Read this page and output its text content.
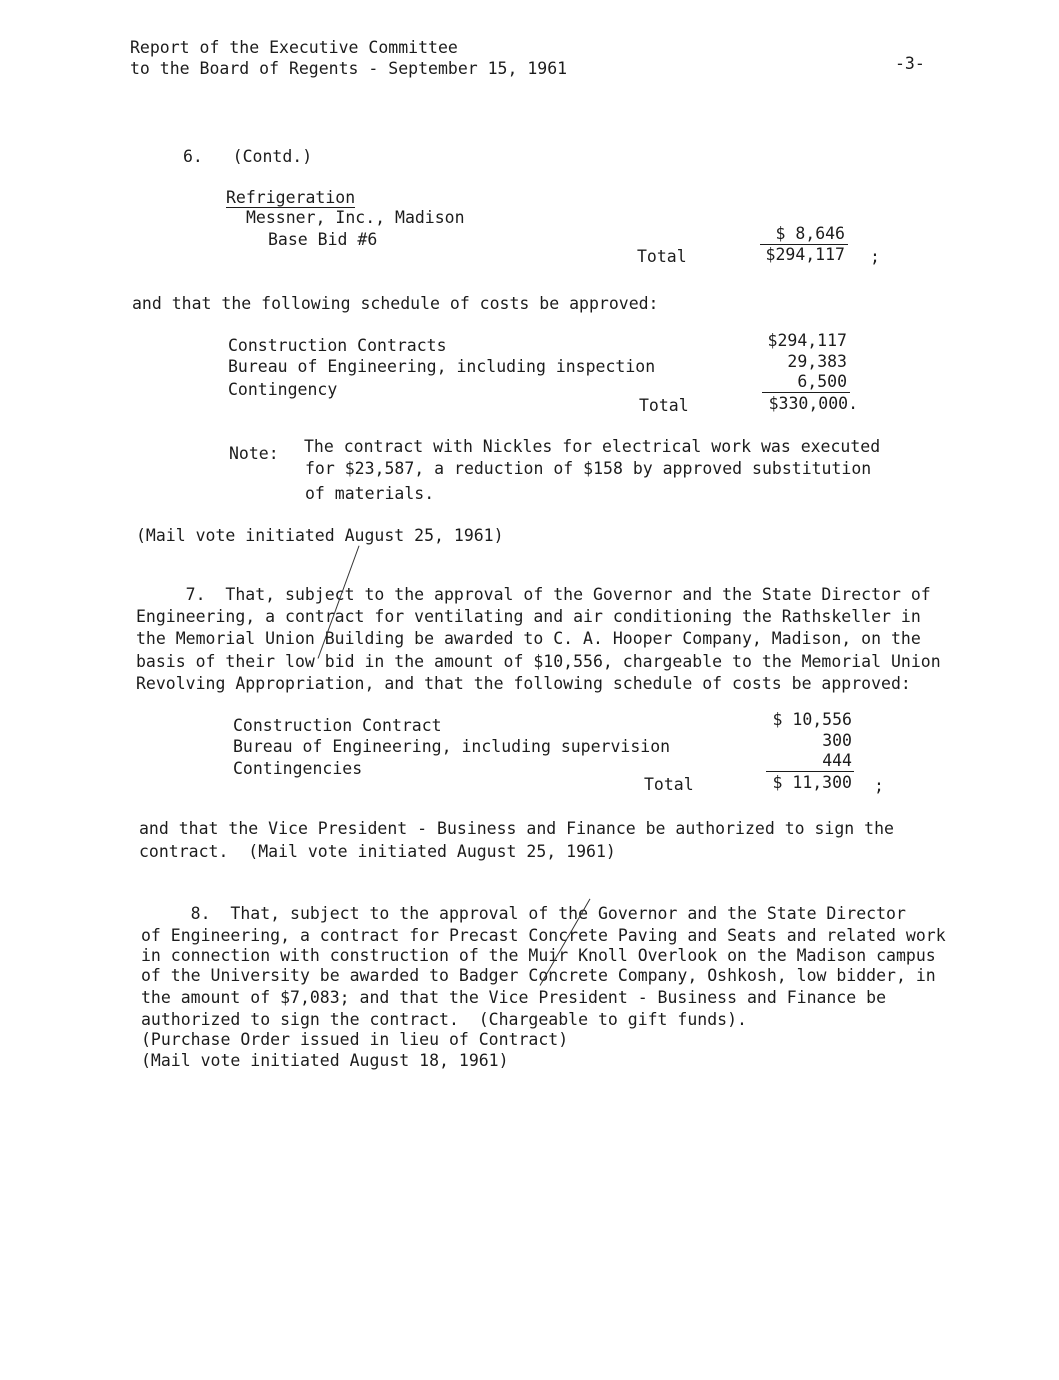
Report of the Executive Committee
to the Board of Regents - September 15, 1961	-3-
6.   (Contd.)
Refrigeration
Messner, Inc., Madison
Base Bid #6	$ 8,646
Total	$294,117 ;
and that the following schedule of costs be approved:
Construction Contracts	$294,117
Bureau of Engineering, including inspection	29,383
Contingency	6,500
Total	$330,000.
Note: The contract with Nickles for electrical work was executed
for $23,587, a reduction of $158 by approved substitution
of materials.
(Mail vote initiated August 25, 1961)
7.  That, subject to the approval of the Governor and the State Director of
Engineering, a contract for ventilating and air conditioning the Rathskeller in
the Memorial Union Building be awarded to C. A. Hooper Company, Madison, on the
basis of their low bid in the amount of $10,556, chargeable to the Memorial Union
Revolving Appropriation, and that the following schedule of costs be approved:
Construction Contract	$ 10,556
Bureau of Engineering, including supervision	300
Contingencies	444
Total	$ 11,300 ;
and that the Vice President - Business and Finance be authorized to sign the
contract.  (Mail vote initiated August 25, 1961)
8.  That, subject to the approval of the Governor and the State Director
of Engineering, a contract for Precast Concrete Paving and Seats and related work
in connection with construction of the Muir Knoll Overlook on the Madison campus
of the University be awarded to Badger Concrete Company, Oshkosh, low bidder, in
the amount of $7,083; and that the Vice President - Business and Finance be
authorized to sign the contract.  (Chargeable to gift funds).
(Purchase Order issued in lieu of Contract)
(Mail vote initiated August 18, 1961)
